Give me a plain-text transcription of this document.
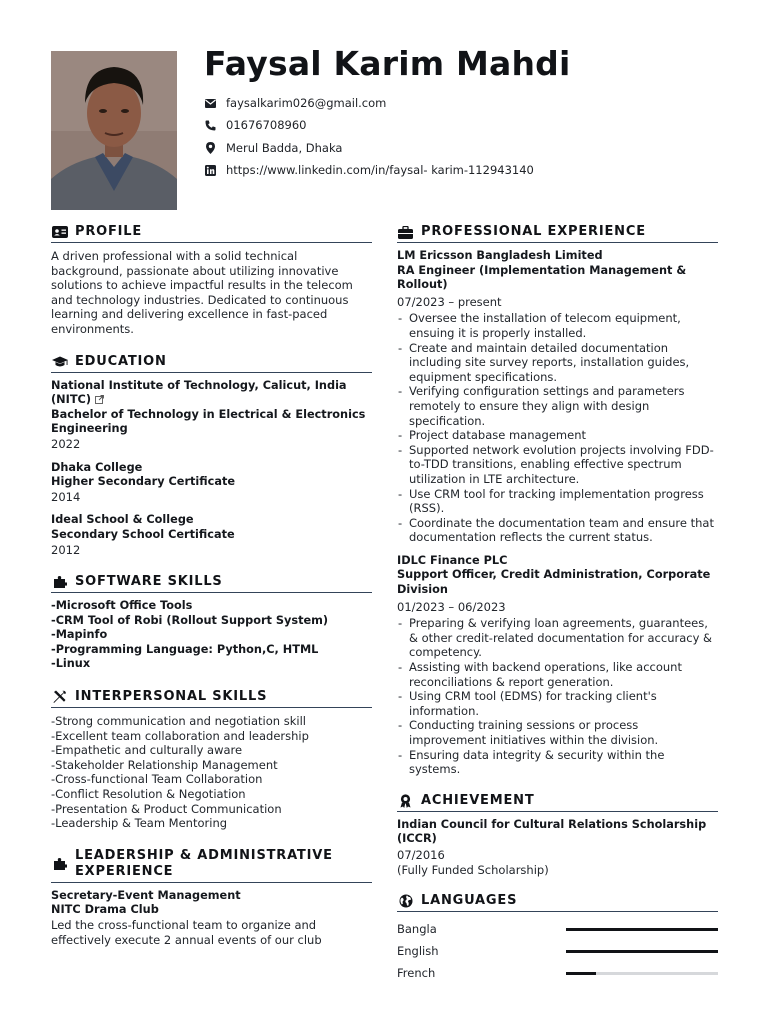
Faysal Karim Mahdi
faysalkarim026@gmail.com
01676708960
Merul Badda, Dhaka
https://www.linkedin.com/in/faysal- karim-112943140
PROFILE
A driven professional with a solid technical background, passionate about utilizing innovative solutions to achieve impactful results in the telecom and technology industries. Dedicated to continuous learning and delivering excellence in fast-paced environments.
EDUCATION
National Institute of Technology, Calicut, India (NITC)
Bachelor of Technology in Electrical & Electronics Engineering
2022
Dhaka College
Higher Secondary Certificate
2014
Ideal School & College
Secondary School Certificate
2012
SOFTWARE SKILLS
-Microsoft Office Tools
-CRM Tool of Robi (Rollout Support System)
-Mapinfo
-Programming Language: Python,C, HTML
-Linux
INTERPERSONAL SKILLS
-Strong communication and negotiation skill
-Excellent team collaboration and leadership
-Empathetic and culturally aware
-Stakeholder Relationship Management
-Cross-functional Team Collaboration
-Conflict Resolution & Negotiation
-Presentation & Product Communication
-Leadership & Team Mentoring
LEADERSHIP & ADMINISTRATIVE
EXPERIENCE
Secretary-Event Management
NITC Drama Club
Led the cross-functional team to organize and effectively execute 2 annual events of our club
PROFESSIONAL EXPERIENCE
LM Ericsson Bangladesh Limited
RA Engineer (Implementation Management & Rollout)
07/2023 – present
- Oversee the installation of telecom equipment, ensuing it is properly installed.
- Create and maintain detailed documentation including site survey reports, installation guides, equipment specifications.
- Verifying configuration settings and parameters remotely to ensure they align with design specification.
- Project database management
- Supported network evolution projects involving FDD-to-TDD transitions, enabling effective spectrum utilization in LTE architecture.
- Use CRM tool for tracking implementation progress (RSS).
- Coordinate the documentation team and ensure that documentation reflects the current status.
IDLC Finance PLC
Support Officer, Credit Administration, Corporate Division
01/2023 – 06/2023
- Preparing & verifying loan agreements, guarantees, & other credit-related documentation for accuracy & competency.
- Assisting with backend operations, like account reconciliations & report generation.
- Using CRM tool (EDMS) for tracking client's information.
- Conducting training sessions or process improvement initiatives within the division.
- Ensuring data integrity & security within the systems.
ACHIEVEMENT
Indian Council for Cultural Relations Scholarship (ICCR)
07/2016
(Fully Funded Scholarship)
LANGUAGES
Bangla
English
French
